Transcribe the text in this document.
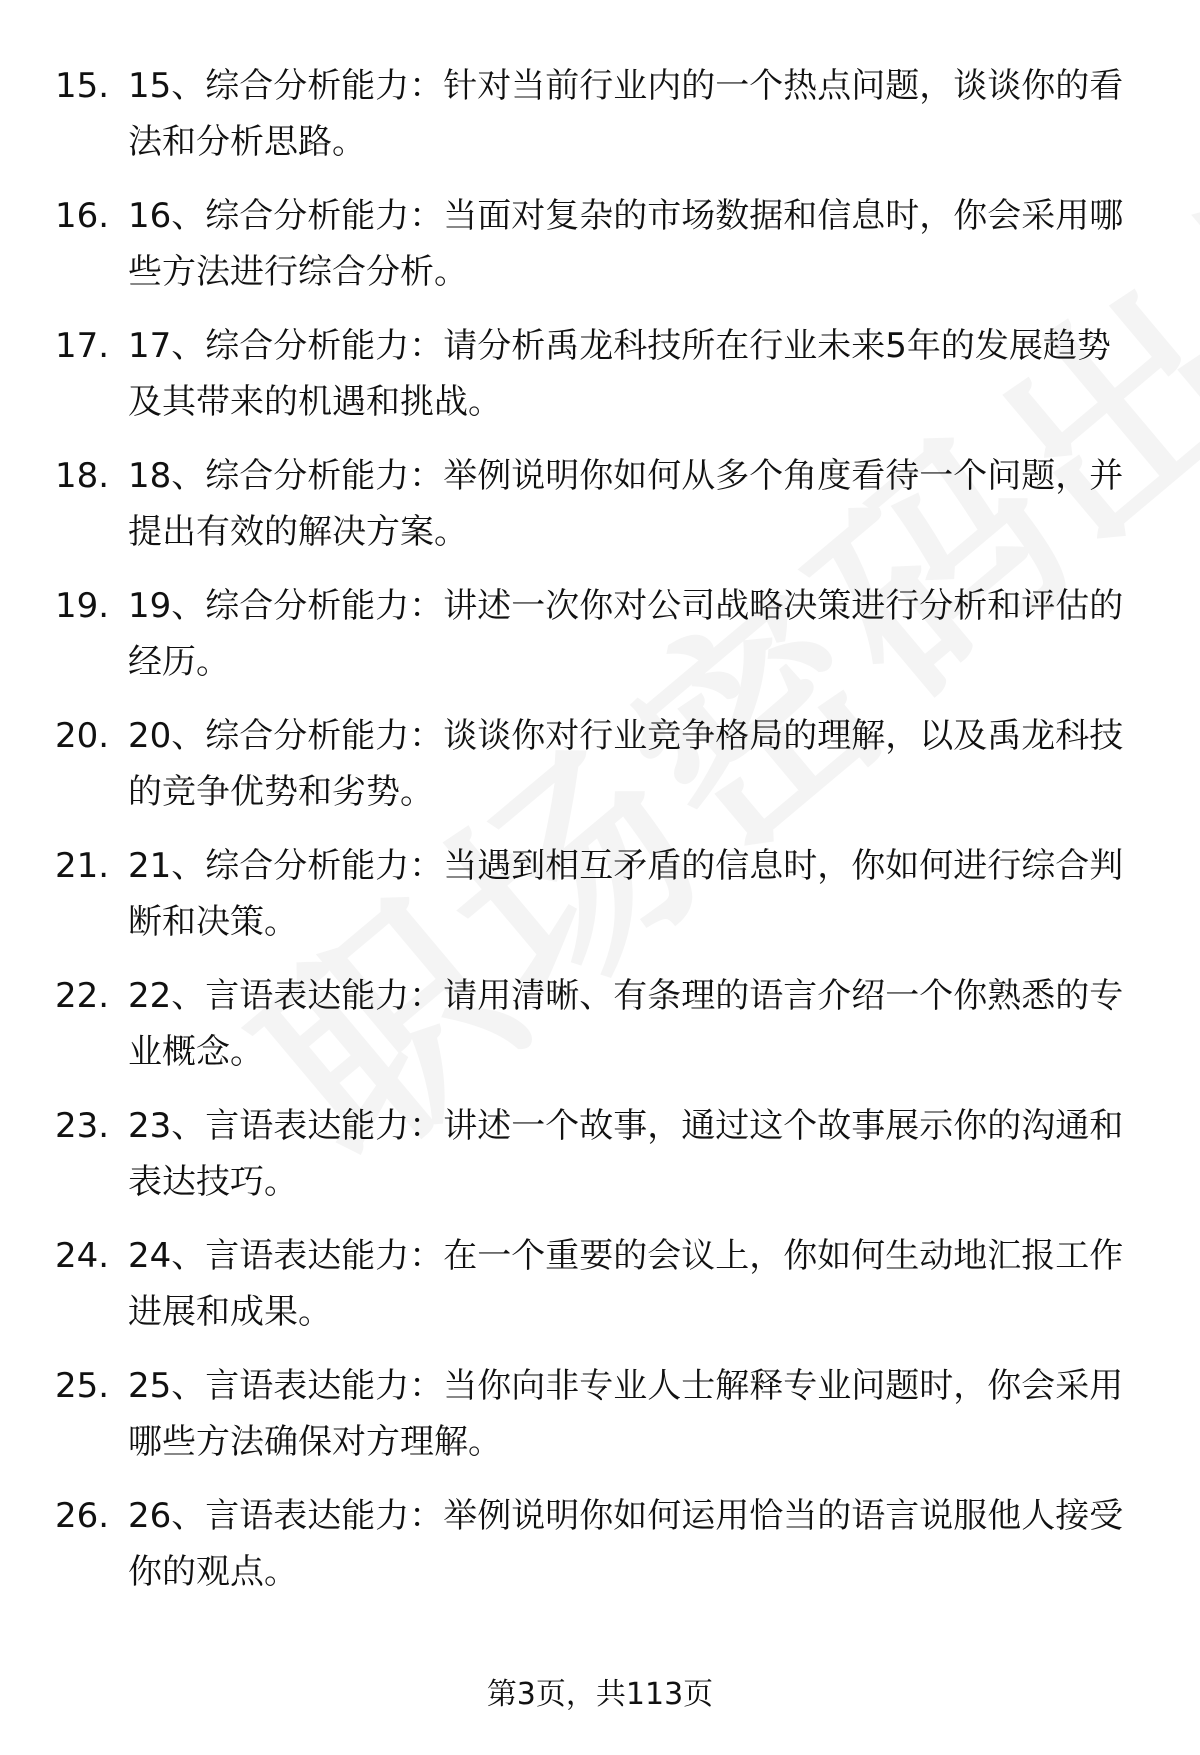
15. 15、综合分析能力：针对当前行业内的一个热点问题，谈谈你的看法和分析思路。
16. 16、综合分析能力：当面对复杂的市场数据和信息时，你会采用哪些方法进行综合分析。
17. 17、综合分析能力：请分析禹龙科技所在行业未来5年的发展趋势及其带来的机遇和挑战。
18. 18、综合分析能力：举例说明你如何从多个角度看待一个问题，并提出有效的解决方案。
19. 19、综合分析能力：讲述一次你对公司战略决策进行分析和评估的经历。
20. 20、综合分析能力：谈谈你对行业竞争格局的理解，以及禹龙科技的竞争优势和劣势。
21. 21、综合分析能力：当遇到相互矛盾的信息时，你如何进行综合判断和决策。
22. 22、言语表达能力：请用清晰、有条理的语言介绍一个你熟悉的专业概念。
23. 23、言语表达能力：讲述一个故事，通过这个故事展示你的沟通和表达技巧。
24. 24、言语表达能力：在一个重要的会议上，你如何生动地汇报工作进展和成果。
25. 25、言语表达能力：当你向非专业人士解释专业问题时，你会采用哪些方法确保对方理解。
26. 26、言语表达能力：举例说明你如何运用恰当的语言说服他人接受你的观点。
第3页，共113页
